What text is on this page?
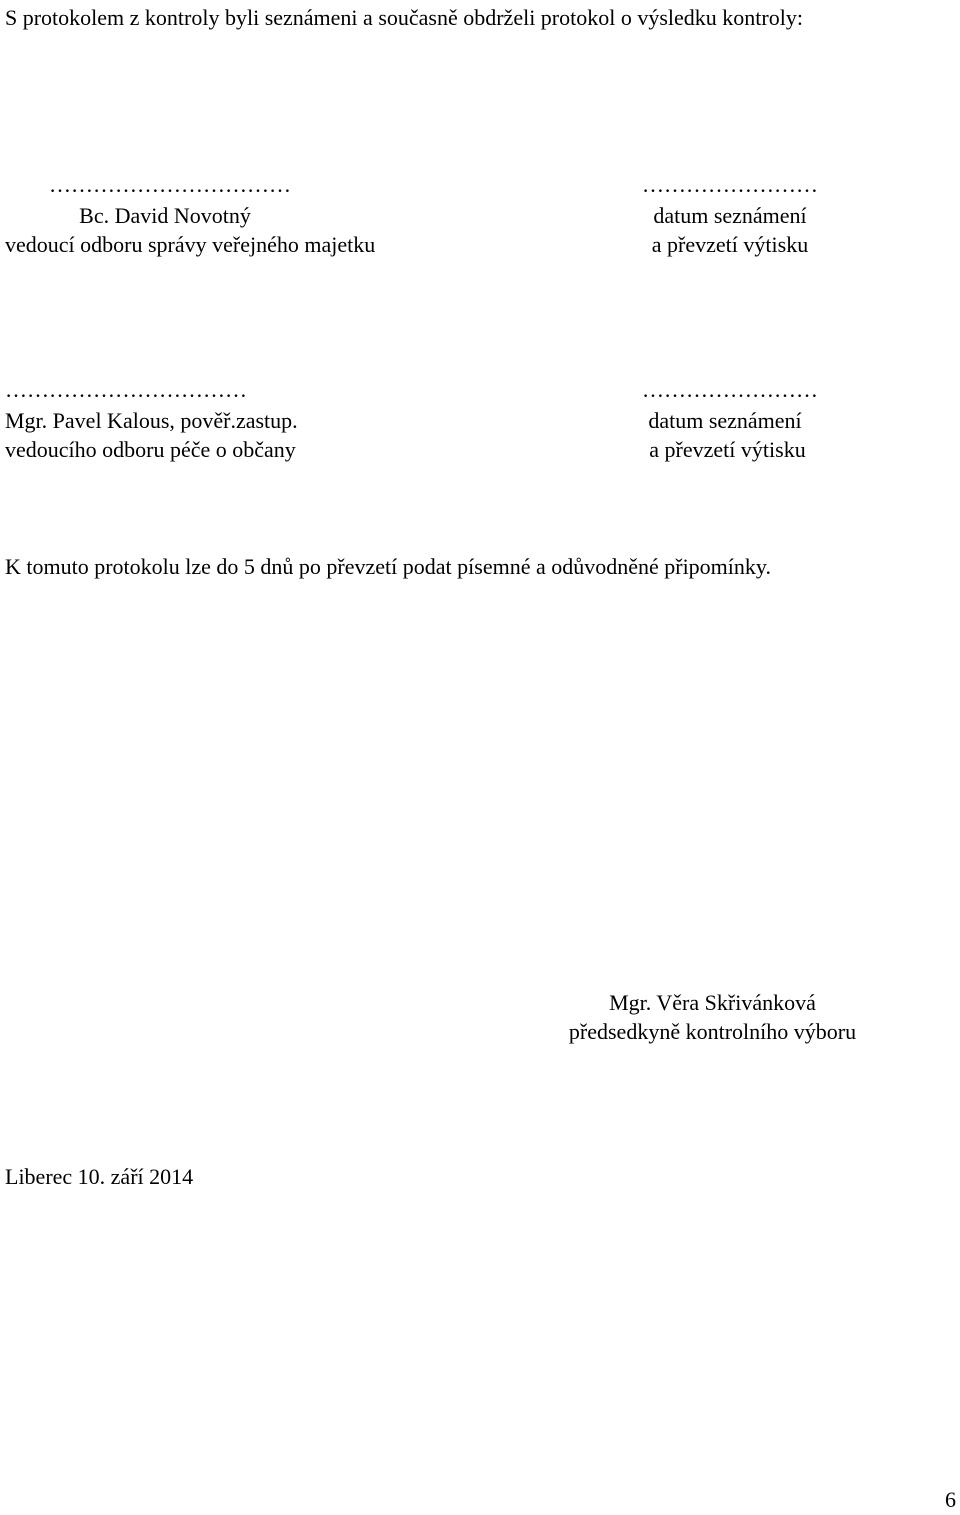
S protokolem z kontroly byli seznámeni a současně obdrželi protokol o výsledku kontroly:
……………………………
Bc. David Novotný
vedoucí odboru správy veřejného majetku
……………………
datum seznámení
a převzetí výtisku
……………………………
Mgr. Pavel Kalous, pověř.zastup.
vedoucího odboru péče o občany
……………………
datum seznámení
a převzetí výtisku
K tomuto protokolu lze do 5 dnů po převzetí podat písemné a odůvodněné připomínky.
Mgr. Věra Skřivánková
předsedkyně kontrolního výboru
Liberec 10. září 2014
6
